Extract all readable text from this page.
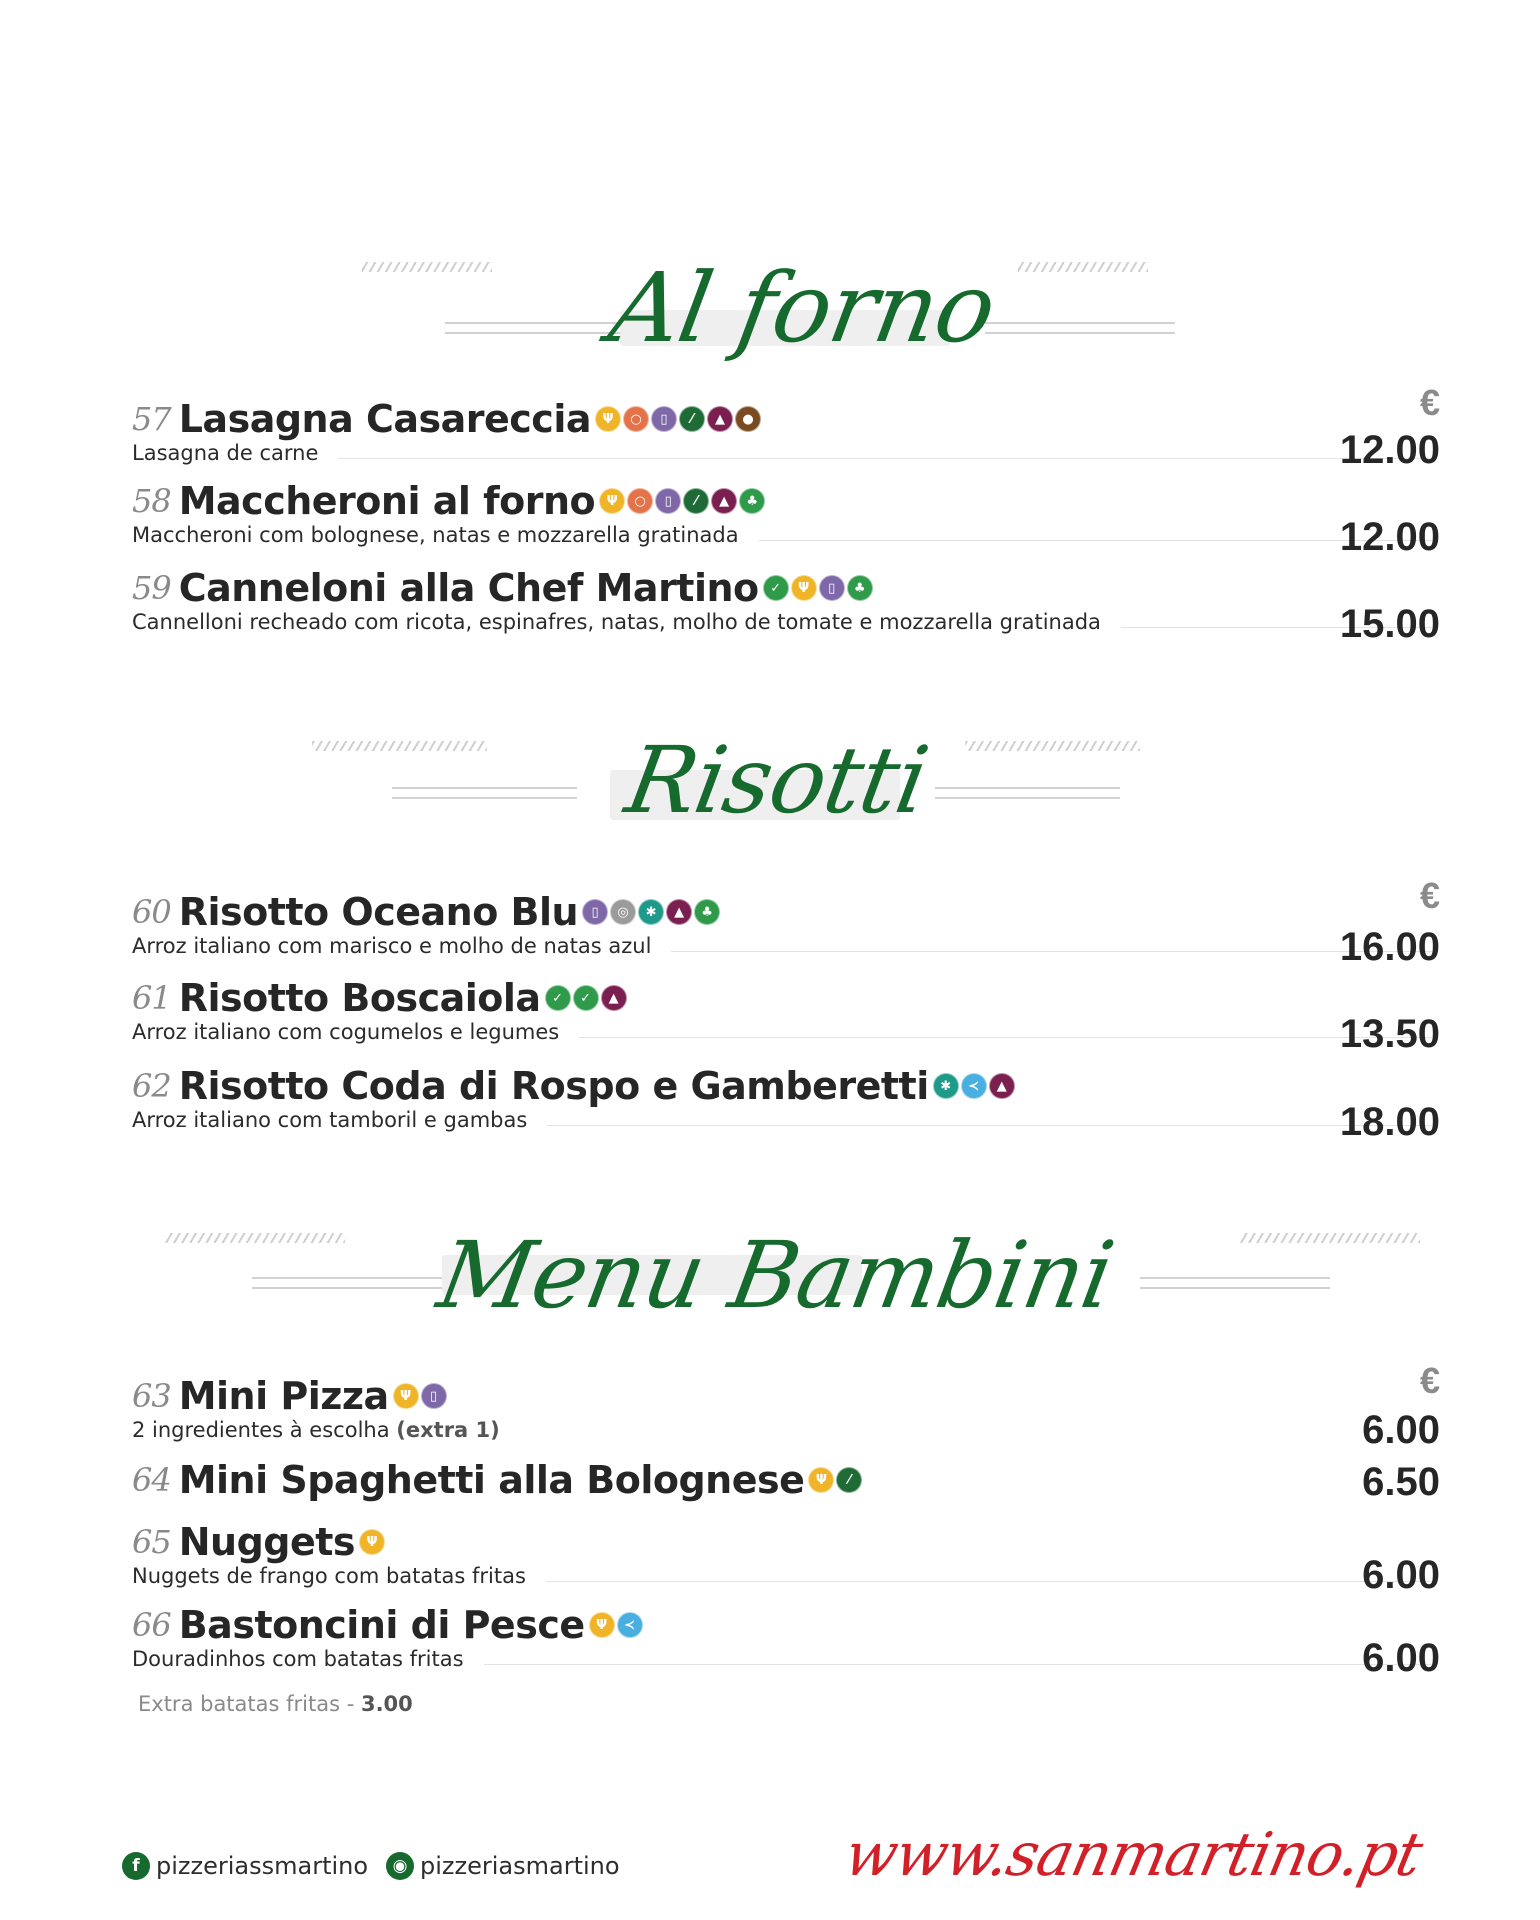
Al forno
€
57 Lasagna Casareccia Ψ	○	▯	⁄	▲	●
Lasagna de carne	12.00
58 Maccheroni al forno Ψ	○	▯	⁄	▲	♣
Maccheroni com bolognese, natas e mozzarella gratinada	12.00
59 Canneloni alla Chef Martino ✓	Ψ	▯	♣
Cannelloni recheado com ricota, espinafres, natas, molho de tomate e mozzarella gratinada	15.00
Risotti
€
60 Risotto Oceano Blu	▯	◎	✱	▲	♣
Arroz italiano com marisco e molho de natas azul	16.00
61 Risotto Boscaiola ✓	✓	▲
Arroz italiano com cogumelos e legumes	13.50
62 Risotto Coda di Rospo e Gamberetti ✱	≺	▲
Arroz italiano com tamboril e gambas	18.00
Menu Bambini
€
63 Mini Pizza Ψ	▯
2 ingredientes à escolha
(extra 1)	6.00
64 Mini Spaghetti alla Bolognese Ψ	⁄	6.50
65 Nuggets Ψ
Nuggets de frango com batatas fritas	6.00
66 Bastoncini di Pesce Ψ	≺
Douradinhos com batatas fritas	6.00
Extra batatas fritas - 3.00
f pizzeriassmartino	◉ pizzeriasmartino	www.sanmartino.pt
